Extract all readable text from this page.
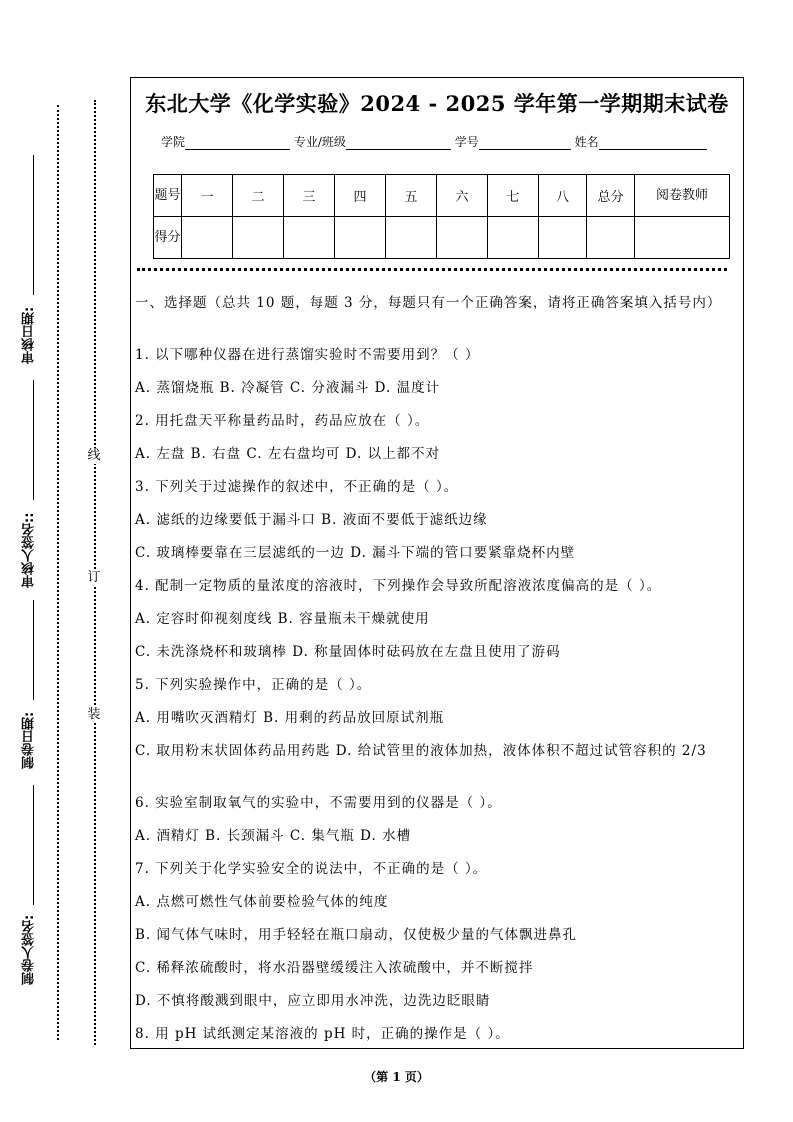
审核日期:
审核人签名::
制卷日期:
制卷人签名:
线
订
装
东北大学《化学实验》2024 - 2025 学年第一学期期末试卷
学院	专业/班级	学号	姓名
题号	一	二	三	四	五	六	七	八	总分	阅卷教师
得分										
一、选择题（总共 10 题，每题 3 分，每题只有一个正确答案，请将正确答案填入括号内）
1. 以下哪种仪器在进行蒸馏实验时不需要用到？（ ）
A. 蒸馏烧瓶 B. 冷凝管 C. 分液漏斗 D. 温度计
2. 用托盘天平称量药品时，药品应放在（ ）。
A. 左盘 B. 右盘 C. 左右盘均可 D. 以上都不对
3. 下列关于过滤操作的叙述中，不正确的是（ ）。
A. 滤纸的边缘要低于漏斗口 B. 液面不要低于滤纸边缘
C. 玻璃棒要靠在三层滤纸的一边 D. 漏斗下端的管口要紧靠烧杯内壁
4. 配制一定物质的量浓度的溶液时，下列操作会导致所配溶液浓度偏高的是（ ）。
A. 定容时仰视刻度线 B. 容量瓶未干燥就使用
C. 未洗涤烧杯和玻璃棒 D. 称量固体时砝码放在左盘且使用了游码
5. 下列实验操作中，正确的是（ ）。
A. 用嘴吹灭酒精灯 B. 用剩的药品放回原试剂瓶
C. 取用粉末状固体药品用药匙 D. 给试管里的液体加热，液体体积不超过试管容积的 2/3
6. 实验室制取氧气的实验中，不需要用到的仪器是（ ）。
A. 酒精灯 B. 长颈漏斗 C. 集气瓶 D. 水槽
7. 下列关于化学实验安全的说法中，不正确的是（ ）。
A. 点燃可燃性气体前要检验气体的纯度
B. 闻气体气味时，用手轻轻在瓶口扇动，仅使极少量的气体飘进鼻孔
C. 稀释浓硫酸时，将水沿器壁缓缓注入浓硫酸中，并不断搅拌
D. 不慎将酸溅到眼中，应立即用水冲洗，边洗边眨眼睛
8. 用 pH 试纸测定某溶液的 pH 时，正确的操作是（ ）。
（第 1 页）
